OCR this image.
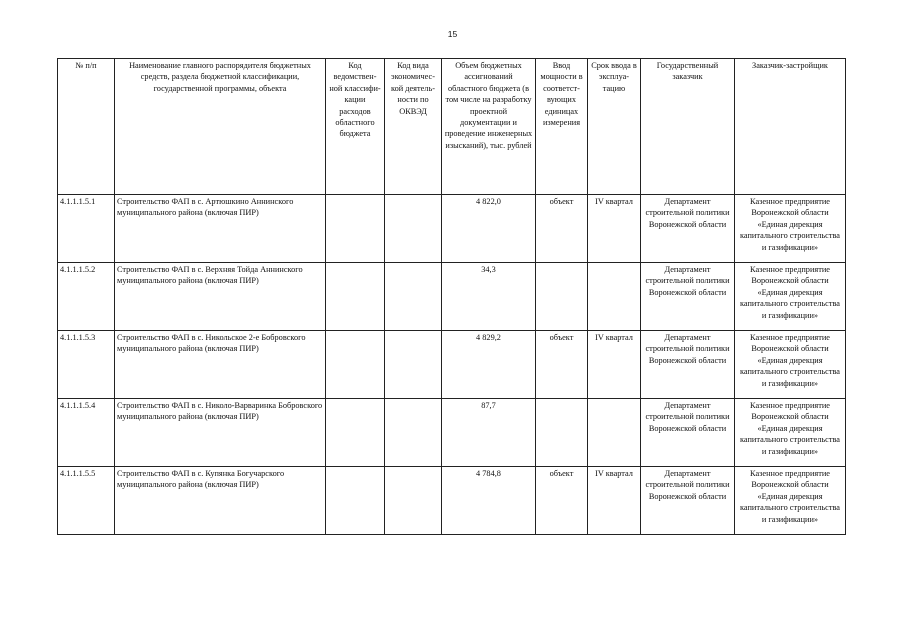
15
№ п/п	Наименование главного распорядителя бюджетных средств, раздела бюджетной классификации, государственной программы, объекта	Код ведомствен-ной классифи-кации расходов областного бюджета	Код вида экономичес-кой деятель-ности по ОКВЭД	Объем бюджетных ассигнований областного бюджета (в том числе на разработку проектной документации и проведение инженерных изысканий), тыс. рублей	Ввод мощности в соответст-вующих единицах измерения	Срок ввода в эксплуа-тацию	Государственный заказчик	Заказчик-застройщик
4.1.1.1.5.1	Строительство ФАП в с. Артюшкино Аннинского муниципального района (включая ПИР)			4 822,0	объект	IV квартал	Департамент строительной политики Воронежской области	Казенное предприятие Воронежской области «Единая дирекция капитального строительства и газификации»
4.1.1.1.5.2	Строительство ФАП в с. Верхняя Тойда Аннинского муниципального района (включая ПИР)			34,3			Департамент строительной политики Воронежской области	Казенное предприятие Воронежской области «Единая дирекция капитального строительства и газификации»
4.1.1.1.5.3	Строительство ФАП в с. Никольское 2-е Бобровского муниципального района (включая ПИР)			4 829,2	объект	IV квартал	Департамент строительной политики Воронежской области	Казенное предприятие Воронежской области «Единая дирекция капитального строительства и газификации»
4.1.1.1.5.4	Строительство ФАП в с. Николо-Варваринка Бобровского муниципального района (включая ПИР)			87,7			Департамент строительной политики Воронежской области	Казенное предприятие Воронежской области «Единая дирекция капитального строительства и газификации»
4.1.1.1.5.5	Строительство ФАП в с. Купянка Богучарского муниципального района (включая ПИР)			4 784,8	объект	IV квартал	Департамент строительной политики Воронежской области	Казенное предприятие Воронежской области «Единая дирекция капитального строительства и газификации»
